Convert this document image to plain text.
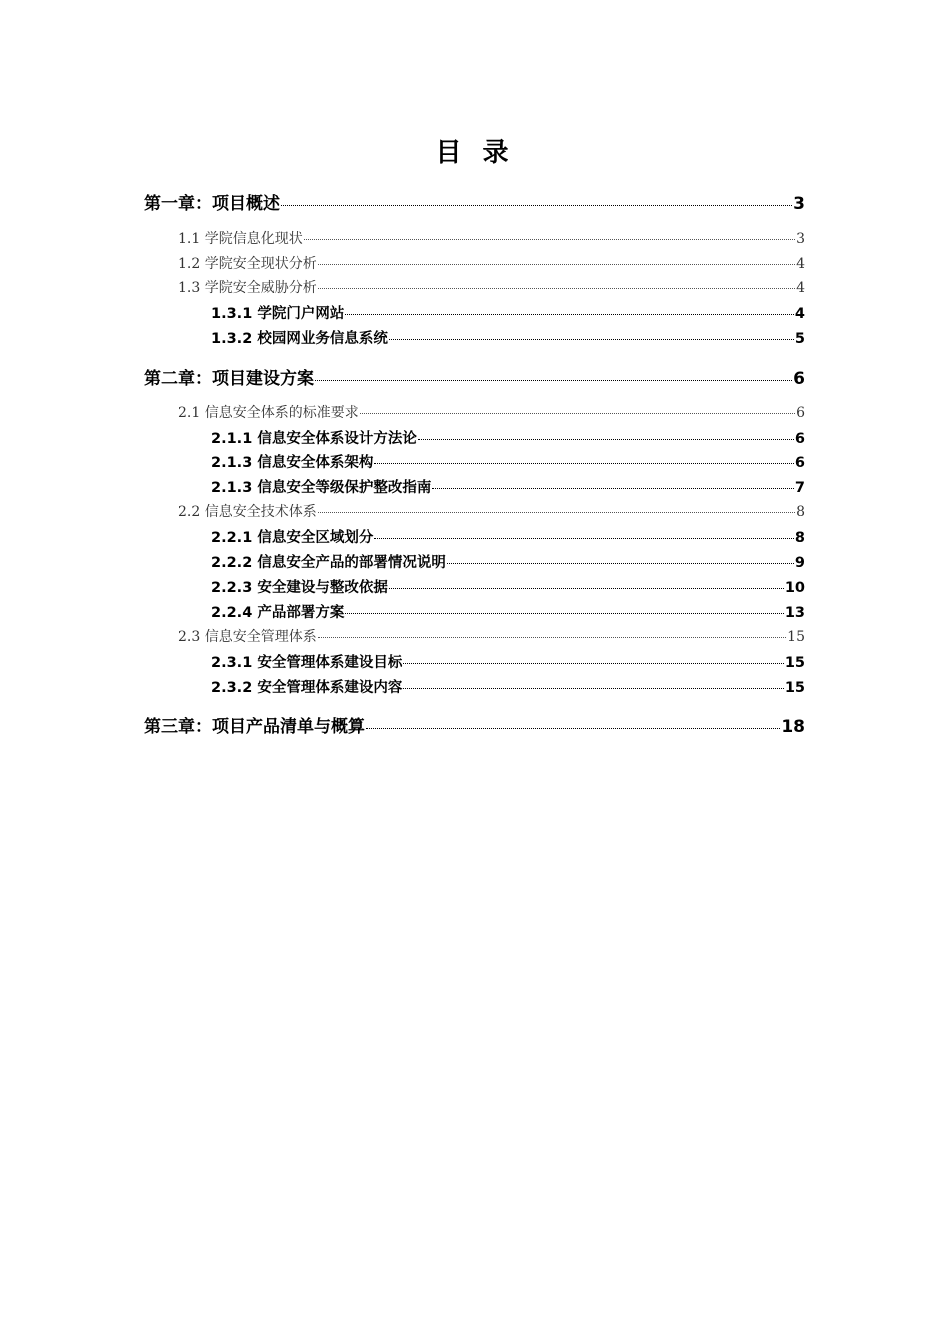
目 录
第一章：项目概述	3
1.1 学院信息化现状	3
1.2 学院安全现状分析	4
1.3 学院安全威胁分析	4
1.3.1 学院门户网站	4
1.3.2 校园网业务信息系统	5
第二章：项目建设方案	6
2.1 信息安全体系的标准要求	6
2.1.1 信息安全体系设计方法论	6
2.1.3 信息安全体系架构	6
2.1.3 信息安全等级保护整改指南	7
2.2 信息安全技术体系	8
2.2.1 信息安全区域划分	8
2.2.2 信息安全产品的部署情况说明	9
2.2.3 安全建设与整改依据	10
2.2.4 产品部署方案	13
2.3 信息安全管理体系	15
2.3.1 安全管理体系建设目标	15
2.3.2 安全管理体系建设内容	15
第三章：项目产品清单与概算	18
